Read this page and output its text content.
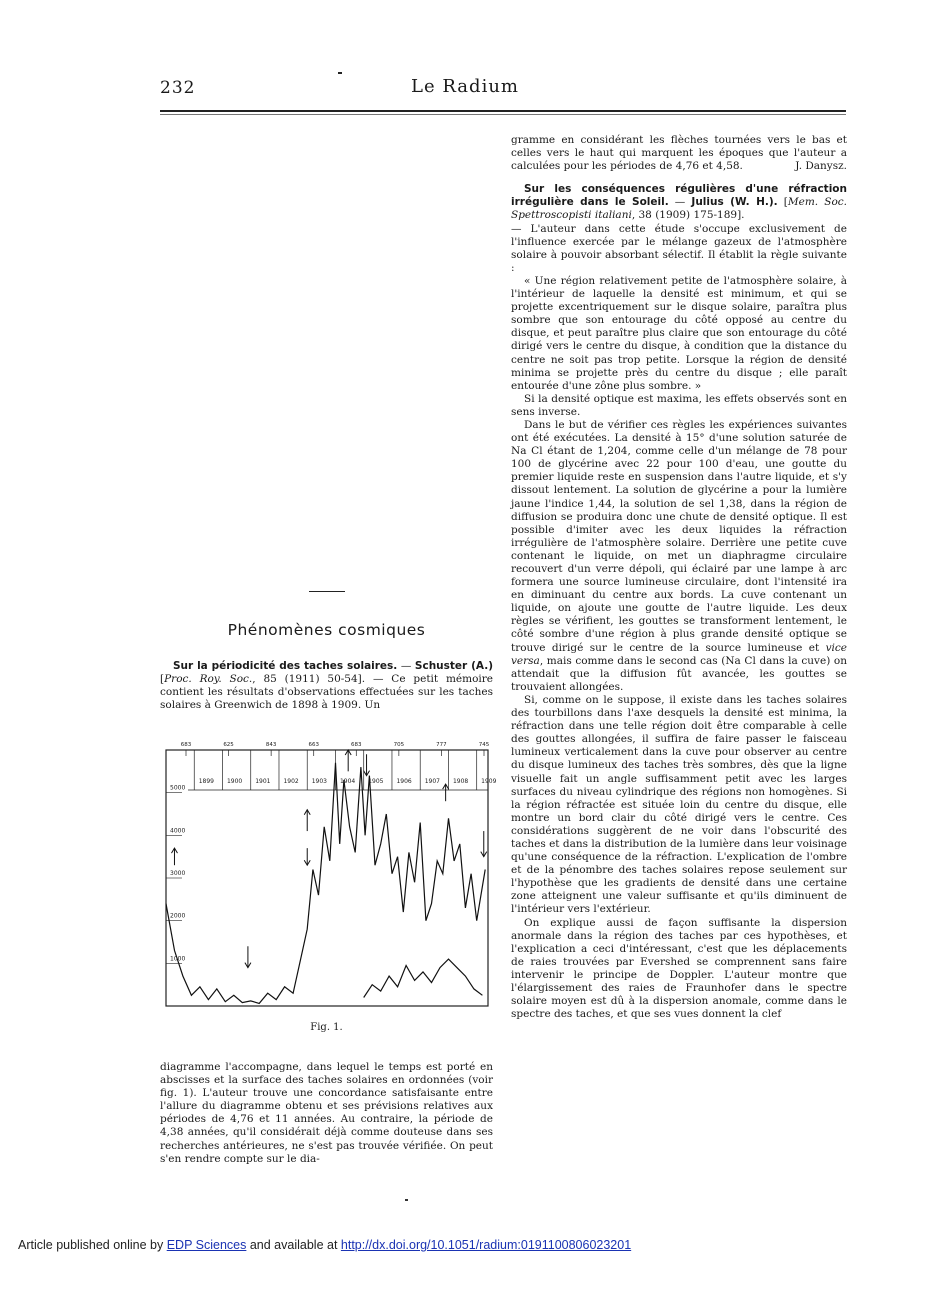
232	Le Radium
Phénomènes cosmiques

Sur la périodicité des taches solaires. — Schuster (A.) [Proc. Roy. Soc., 85 (1911) 50-54]. — Ce petit mémoire contient les résultats d'observations effectuées sur les taches solaires à Greenwich de 1898 à 1909. Un

1899 1900 1901 1902 1903 1904 1905 1906 1907 1908 1909
683	625	843	663	683	705	777	745
1000
2000
3000
4000
5000
Fig. 1.

diagramme l'accompagne, dans lequel le temps est porté en abscisses et la surface des taches solaires en ordonnées (voir fig. 1). L'auteur trouve une concordance satisfaisante entre l'allure du diagramme obtenu et ses prévisions relatives aux périodes de 4,76 et 11 années. Au contraire, la période de 4,38 années, qu'il considérait déjà comme douteuse dans ses recherches antérieures, ne s'est pas trouvée vérifiée. On peut s'en rendre compte sur le dia-

gramme en considérant les flèches tournées vers le bas et celles vers le haut qui marquent les époques que l'auteur a calculées pour les périodes de 4,76 et 4,58.	J. Danysz.

Sur les conséquences régulières d'une réfraction irrégulière dans le Soleil. — Julius (W. H.). [Mem. Soc. Spettroscopisti italiani, 38 (1909) 175-189].

— L'auteur dans cette étude s'occupe exclusivement de l'influence exercée par le mélange gazeux de l'atmosphère solaire à pouvoir absorbant sélectif. Il établit la règle suivante :

« Une région relativement petite de l'atmosphère solaire, à l'intérieur de laquelle la densité est minimum, et qui se projette excentriquement sur le disque solaire, paraîtra plus sombre que son entourage du côté opposé au centre du disque, et peut paraître plus claire que son entourage du côté dirigé vers le centre du disque, à condition que la distance du centre ne soit pas trop petite. Lorsque la région de densité minima se projette près du centre du disque ; elle paraît entourée d'une zône plus sombre. »

Si la densité optique est maxima, les effets observés sont en sens inverse.

Dans le but de vérifier ces règles les expériences suivantes ont été exécutées. La densité à 15° d'une solution saturée de Na Cl étant de 1,204, comme celle d'un mélange de 78 pour 100 de glycérine avec 22 pour 100 d'eau, une goutte du premier liquide reste en suspension dans l'autre liquide, et s'y dissout lentement. La solution de glycérine a pour la lumière jaune l'indice 1,44, la solution de sel 1,38, dans la région de diffusion se produira donc une chute de densité optique. Il est possible d'imiter avec les deux liquides la réfraction irrégulière de l'atmosphère solaire. Derrière une petite cuve contenant le liquide, on met un diaphragme circulaire recouvert d'un verre dépoli, qui éclairé par une lampe à arc formera une source lumineuse circulaire, dont l'intensité ira en diminuant du centre aux bords. La cuve contenant un liquide, on ajoute une goutte de l'autre liquide. Les deux règles se vérifient, les gouttes se transforment lentement, le côté sombre d'une région à plus grande densité optique se trouve dirigé sur le centre de la source lumineuse et vice versa, mais comme dans le second cas (Na Cl dans la cuve) on attendait que la diffusion fût avancée, les gouttes se trouvaient allongées.

Si, comme on le suppose, il existe dans les taches solaires des tourbillons dans l'axe desquels la densité est minima, la réfraction dans une telle région doit être comparable à celle des gouttes allongées, il suffira de faire passer le faisceau lumineux verticalement dans la cuve pour observer au centre du disque lumineux des taches très sombres, dès que la ligne visuelle fait un angle suffisamment petit avec les larges surfaces du niveau cylindrique des régions non homogènes. Si la région réfractée est située loin du centre du disque, elle montre un bord clair du côté dirigé vers le centre. Ces considérations suggèrent de ne voir dans l'obscurité des taches et dans la distribution de la lumière dans leur voisinage qu'une conséquence de la réfraction. L'explication de l'ombre et de la pénombre des taches solaires repose seulement sur l'hypothèse que les gradients de densité dans une certaine zone atteignent une valeur suffisante et qu'ils diminuent de l'intérieur vers l'extérieur.

On explique aussi de façon suffisante la dispersion anormale dans la région des taches par ces hypothèses, et l'explication a ceci d'intéressant, c'est que les déplacements de raies trouvées par Evershed se comprennent sans faire intervenir le principe de Doppler. L'auteur montre que l'élargissement des raies de Fraunhofer dans le spectre solaire moyen est dû à la dispersion anomale, comme dans le spectre des taches, et que ses vues donnent la clef

Article published online by EDP Sciences and available at http://dx.doi.org/10.1051/radium:0191100806023201
